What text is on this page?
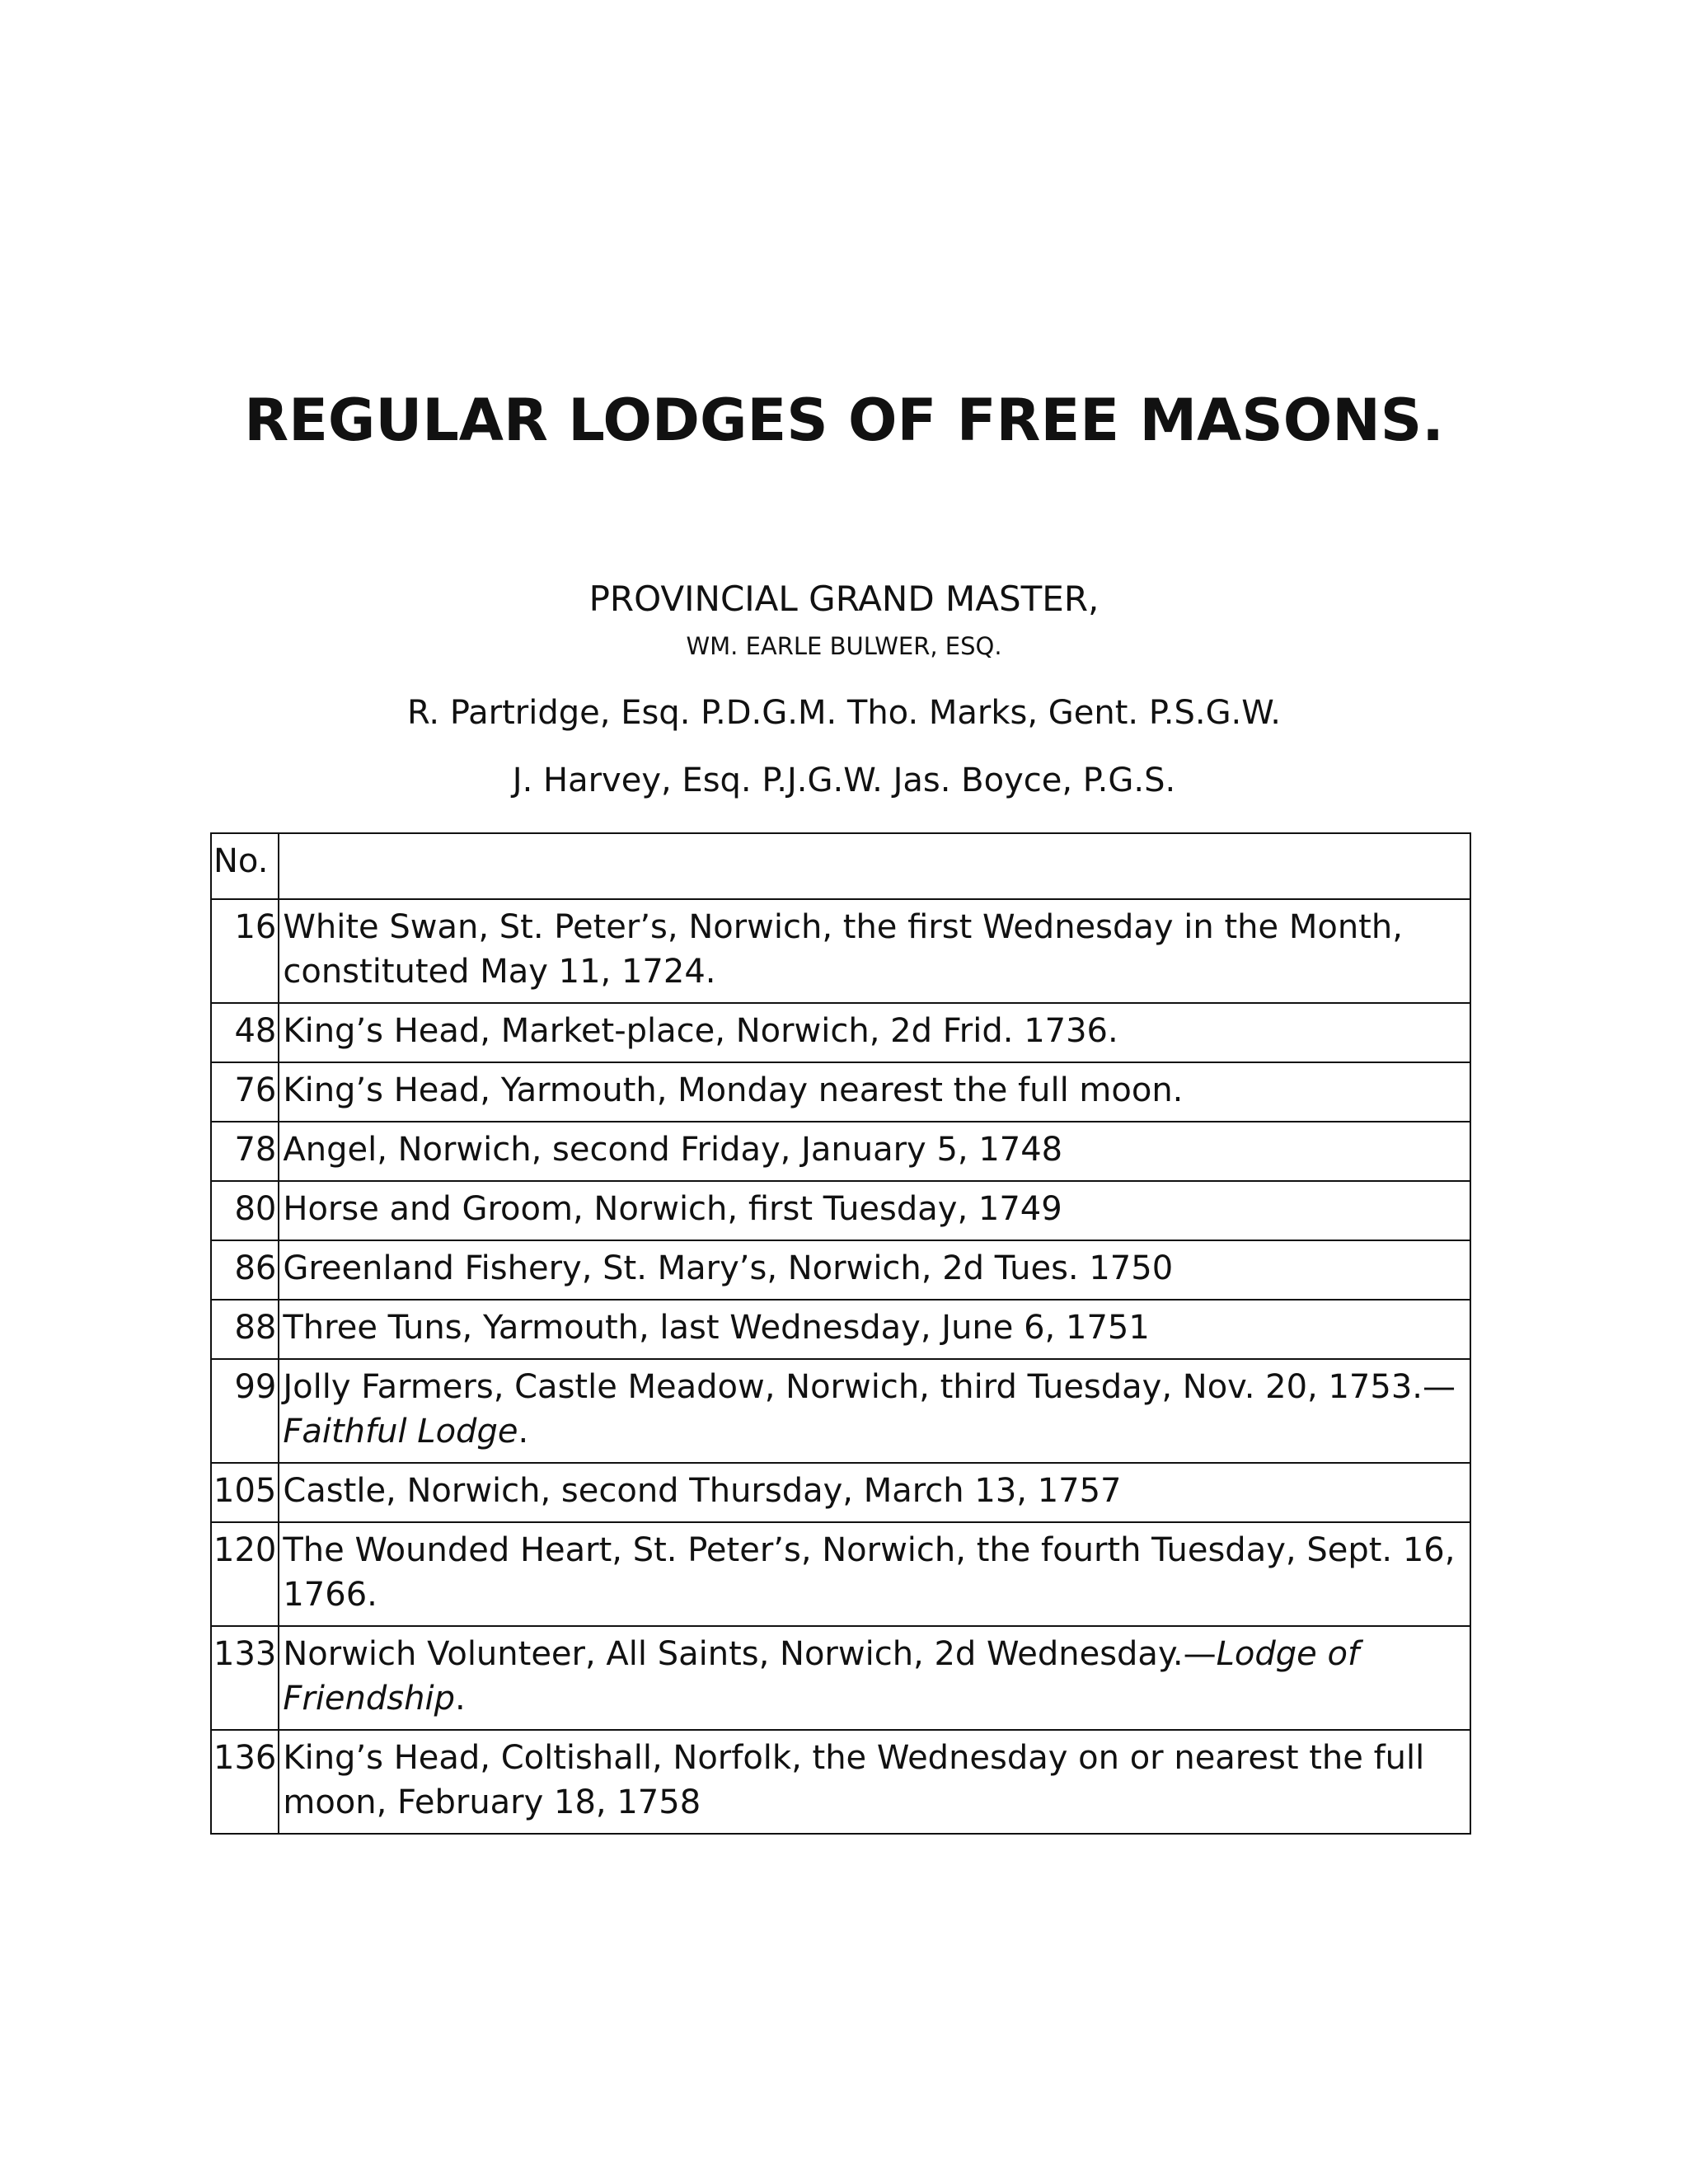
REGULAR LODGES OF FREE MASONS.
PROVINCIAL GRAND MASTER,
WM. EARLE BULWER, ESQ.
R. Partridge, Esq. P.D.G.M. Tho. Marks, Gent. P.S.G.W.
J. Harvey, Esq. P.J.G.W. Jas. Boyce, P.G.S.
No.	
16	White Swan, St. Peter’s, Norwich, the first Wednesday in the Month, constituted May 11, 1724.
48	King’s Head, Market-place, Norwich, 2d Frid. 1736.
76	King’s Head, Yarmouth, Monday nearest the full moon.
78	Angel, Norwich, second Friday, January 5, 1748
80	Horse and Groom, Norwich, first Tuesday, 1749
86	Greenland Fishery, St. Mary’s, Norwich, 2d Tues. 1750
88	Three Tuns, Yarmouth, last Wednesday, June 6, 1751
99	Jolly Farmers, Castle Meadow, Norwich, third Tuesday, Nov. 20, 1753.—Faithful Lodge.
105	Castle, Norwich, second Thursday, March 13, 1757
120	The Wounded Heart, St. Peter’s, Norwich, the fourth Tuesday, Sept. 16, 1766.
133	Norwich Volunteer, All Saints, Norwich, 2d Wednesday.—Lodge of Friendship.
136	King’s Head, Coltishall, Norfolk, the Wednesday on or nearest the full moon, February 18, 1758
